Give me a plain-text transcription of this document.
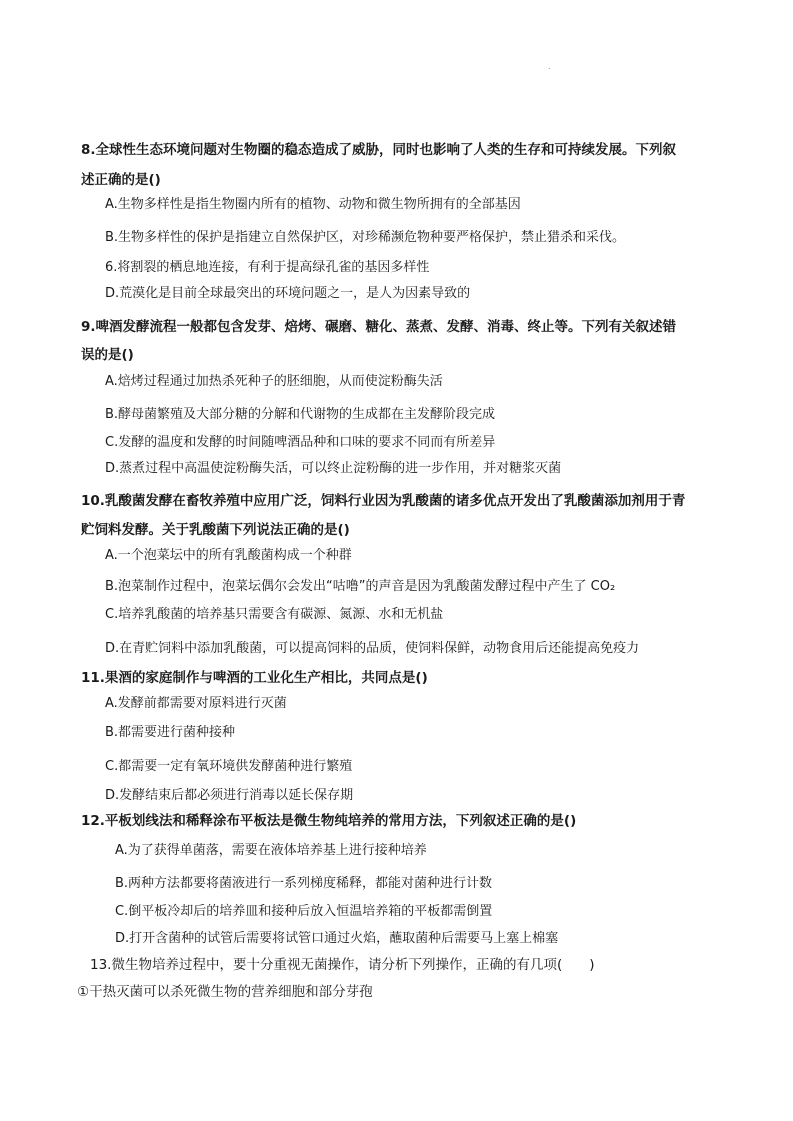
.
8.全球性生态环境问题对生物圈的稳态造成了威胁，同时也影响了人类的生存和可持续发展。下列叙
述正确的是()
A.生物多样性是指生物圈内所有的植物、动物和微生物所拥有的全部基因
B.生物多样性的保护是指建立自然保护区，对珍稀濒危物种要严格保护，禁止猎杀和采伐。
6.将割裂的栖息地连接，有利于提高绿孔雀的基因多样性
D.荒漠化是目前全球最突出的环境问题之一，是人为因素导致的
9.啤酒发酵流程一般都包含发芽、焙烤、碾磨、糖化、蒸煮、发酵、消毒、终止等。下列有关叙述错
误的是()
A.焙烤过程通过加热杀死种子的胚细胞，从而使淀粉酶失活
B.酵母菌繁殖及大部分糖的分解和代谢物的生成都在主发酵阶段完成
C.发酵的温度和发酵的时间随啤酒品种和口味的要求不同而有所差异
D.蒸煮过程中高温使淀粉酶失活，可以终止淀粉酶的进一步作用，并对糖浆灭菌
10.乳酸菌发酵在畜牧养殖中应用广泛，饲料行业因为乳酸菌的诸多优点开发出了乳酸菌添加剂用于青
贮饲料发酵。关于乳酸菌下列说法正确的是()
A.一个泡菜坛中的所有乳酸菌构成一个种群
B.泡菜制作过程中，泡菜坛偶尔会发出“咕噜”的声音是因为乳酸菌发酵过程中产生了 CO₂
C.培养乳酸菌的培养基只需要含有碳源、氮源、水和无机盐
D.在青贮饲料中添加乳酸菌，可以提高饲料的品质，使饲料保鲜，动物食用后还能提高免疫力
11.果酒的家庭制作与啤酒的工业化生产相比，共同点是()
A.发酵前都需要对原料进行灭菌
B.都需要进行菌种接种
C.都需要一定有氧环境供发酵菌种进行繁殖
D.发酵结束后都必须进行消毒以延长保存期
12.平板划线法和稀释涂布平板法是微生物纯培养的常用方法，下列叙述正确的是()
A.为了获得单菌落，需要在液体培养基上进行接种培养
B.两种方法都要将菌液进行一系列梯度稀释，都能对菌种进行计数
C.倒平板冷却后的培养皿和接种后放入恒温培养箱的平板都需倒置
D.打开含菌种的试管后需要将试管口通过火焰，蘸取菌种后需要马上塞上棉塞
13.微生物培养过程中，要十分重视无菌操作，请分析下列操作，正确的有几项(　　)
①干热灭菌可以杀死微生物的营养细胞和部分芽孢
